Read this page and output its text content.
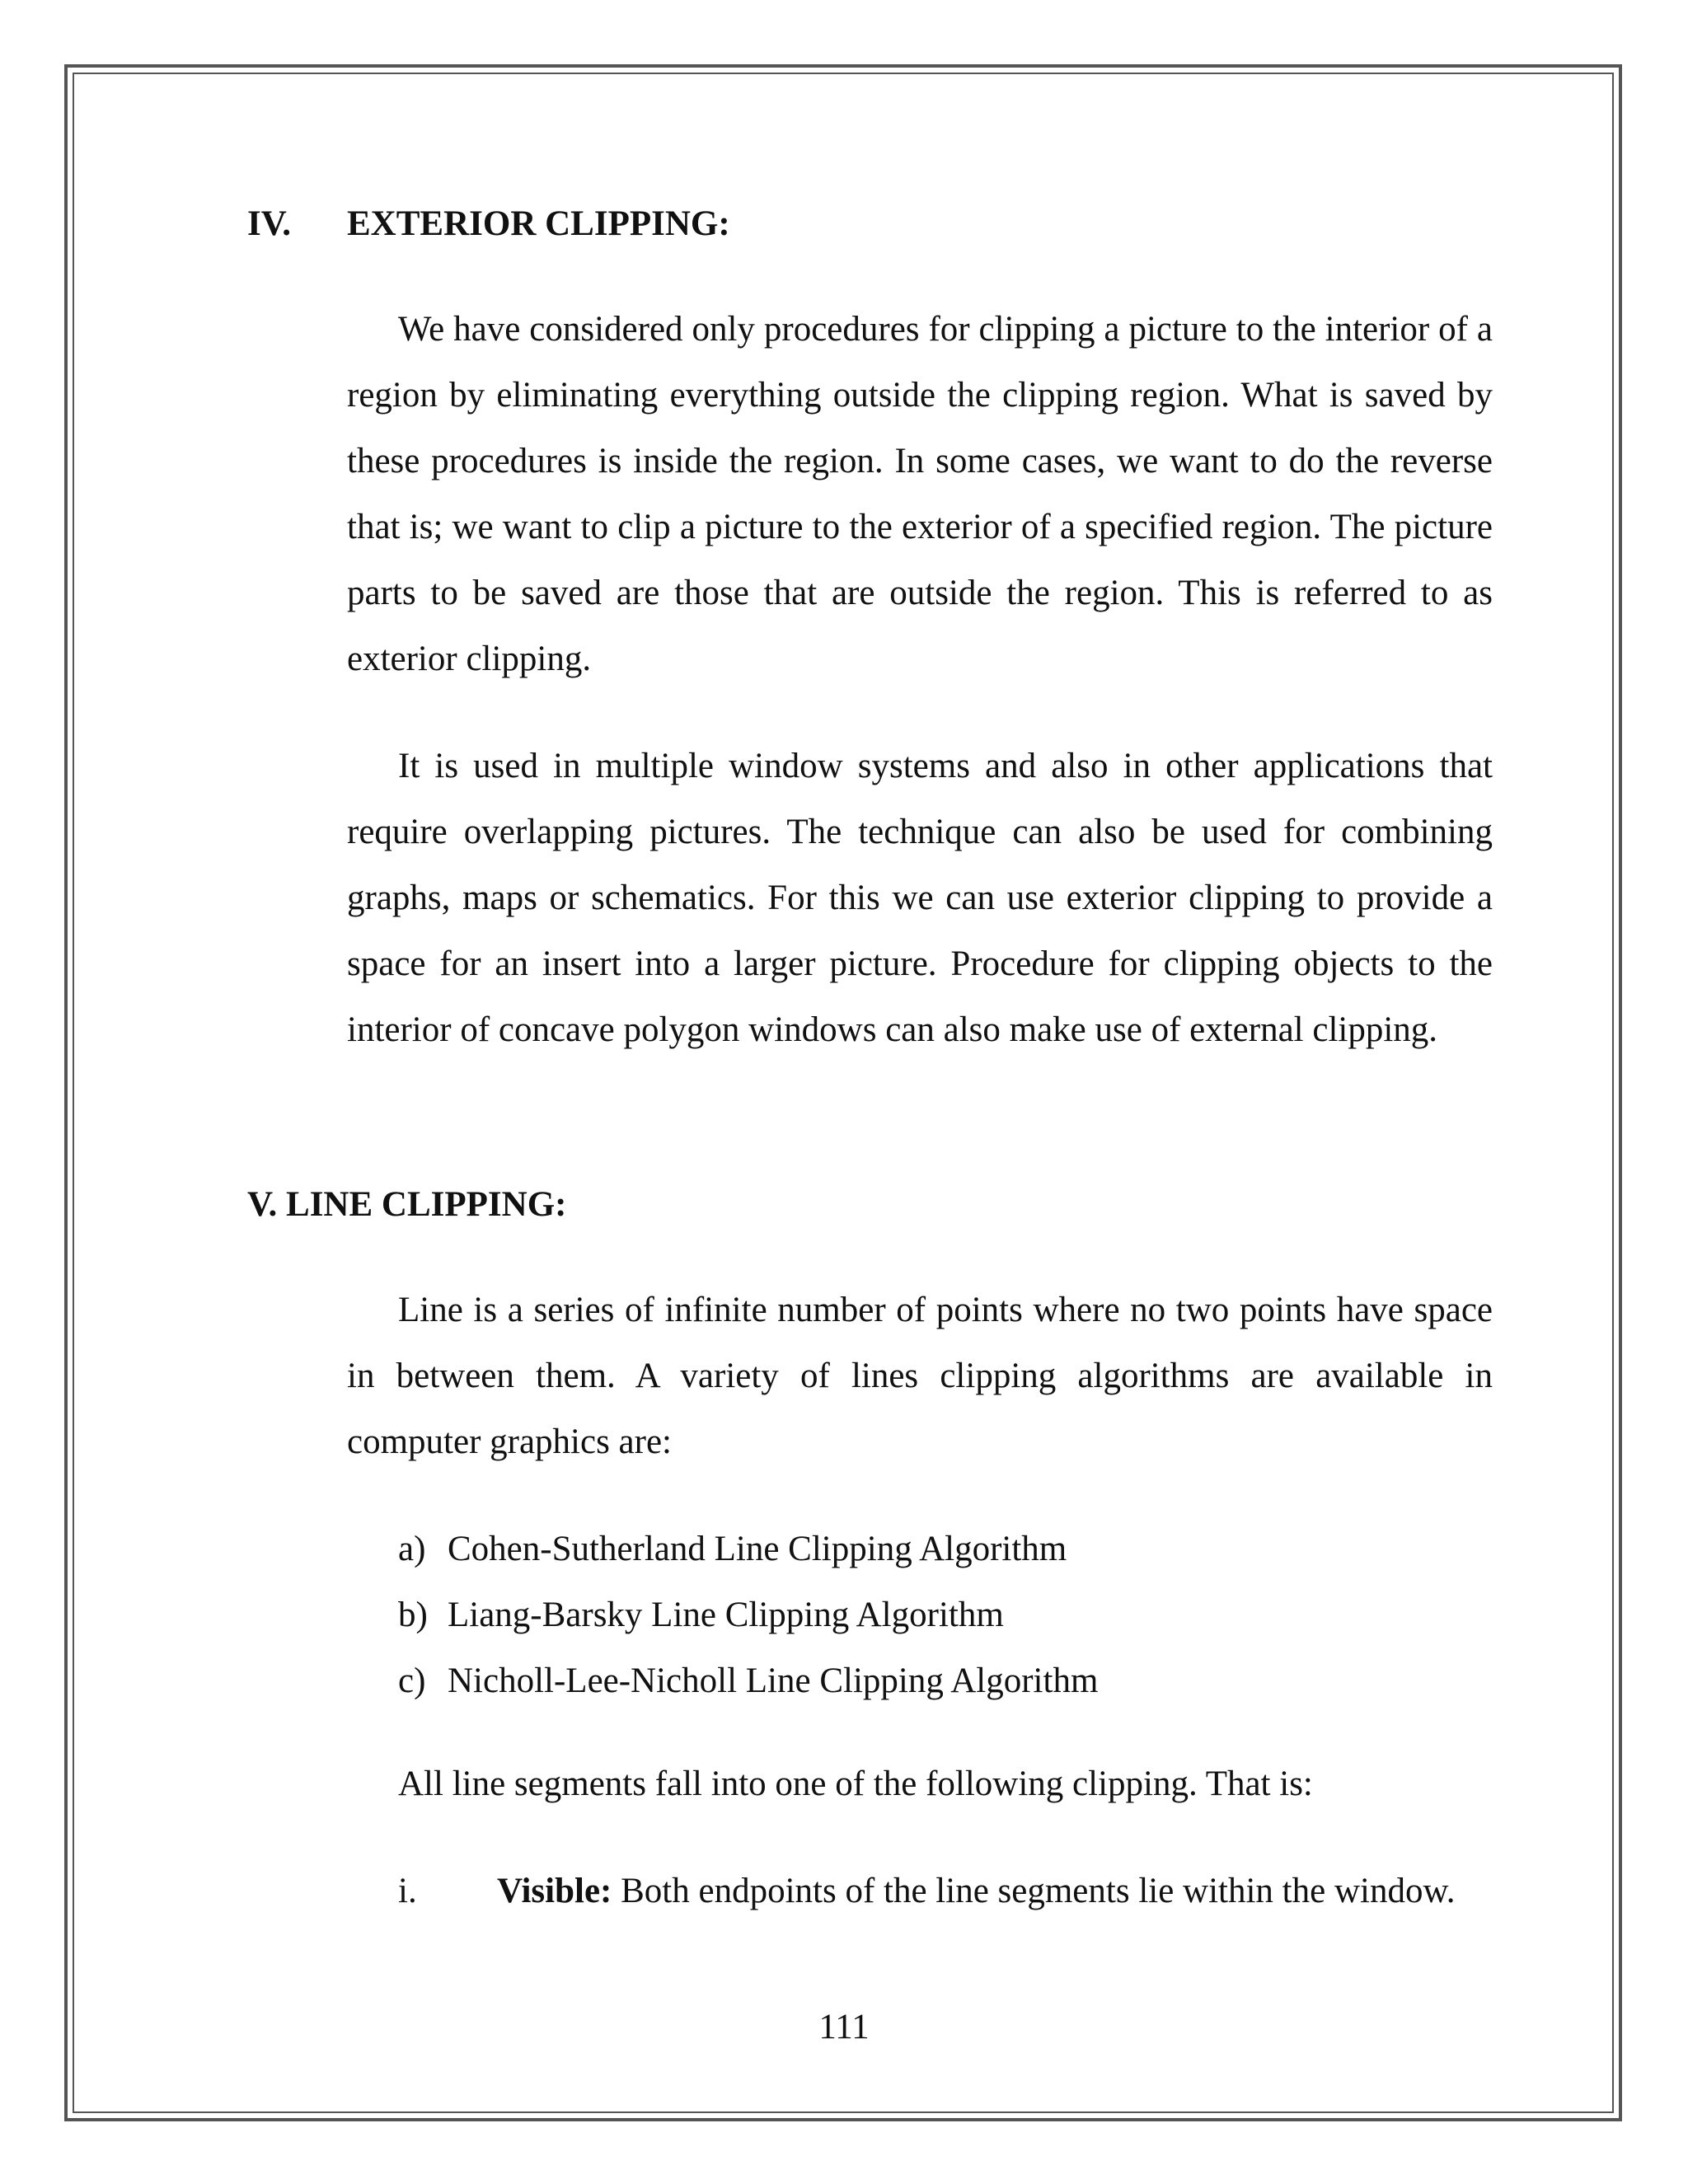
IV. EXTERIOR CLIPPING:

We have considered only procedures for clipping a picture to the interior of a region by eliminating everything outside the clipping region. What is saved by these procedures is inside the region. In some cases, we want to do the reverse that is; we want to clip a picture to the exterior of a specified region. The picture parts to be saved are those that are outside the region. This is referred to as exterior clipping.

It is used in multiple window systems and also in other applications that require overlapping pictures. The technique can also be used for combining graphs, maps or schematics. For this we can use exterior clipping to provide a space for an insert into a larger picture. Procedure for clipping objects to the interior of concave polygon windows can also make use of external clipping.

V. LINE CLIPPING:

Line is a series of infinite number of points where no two points have space in between them. A variety of lines clipping algorithms are available in computer graphics are:

a) Cohen-Sutherland Line Clipping Algorithm
b) Liang-Barsky Line Clipping Algorithm
c) Nicholl-Lee-Nicholl Line Clipping Algorithm

All line segments fall into one of the following clipping. That is:

i. Visible: Both endpoints of the line segments lie within the window.
111
